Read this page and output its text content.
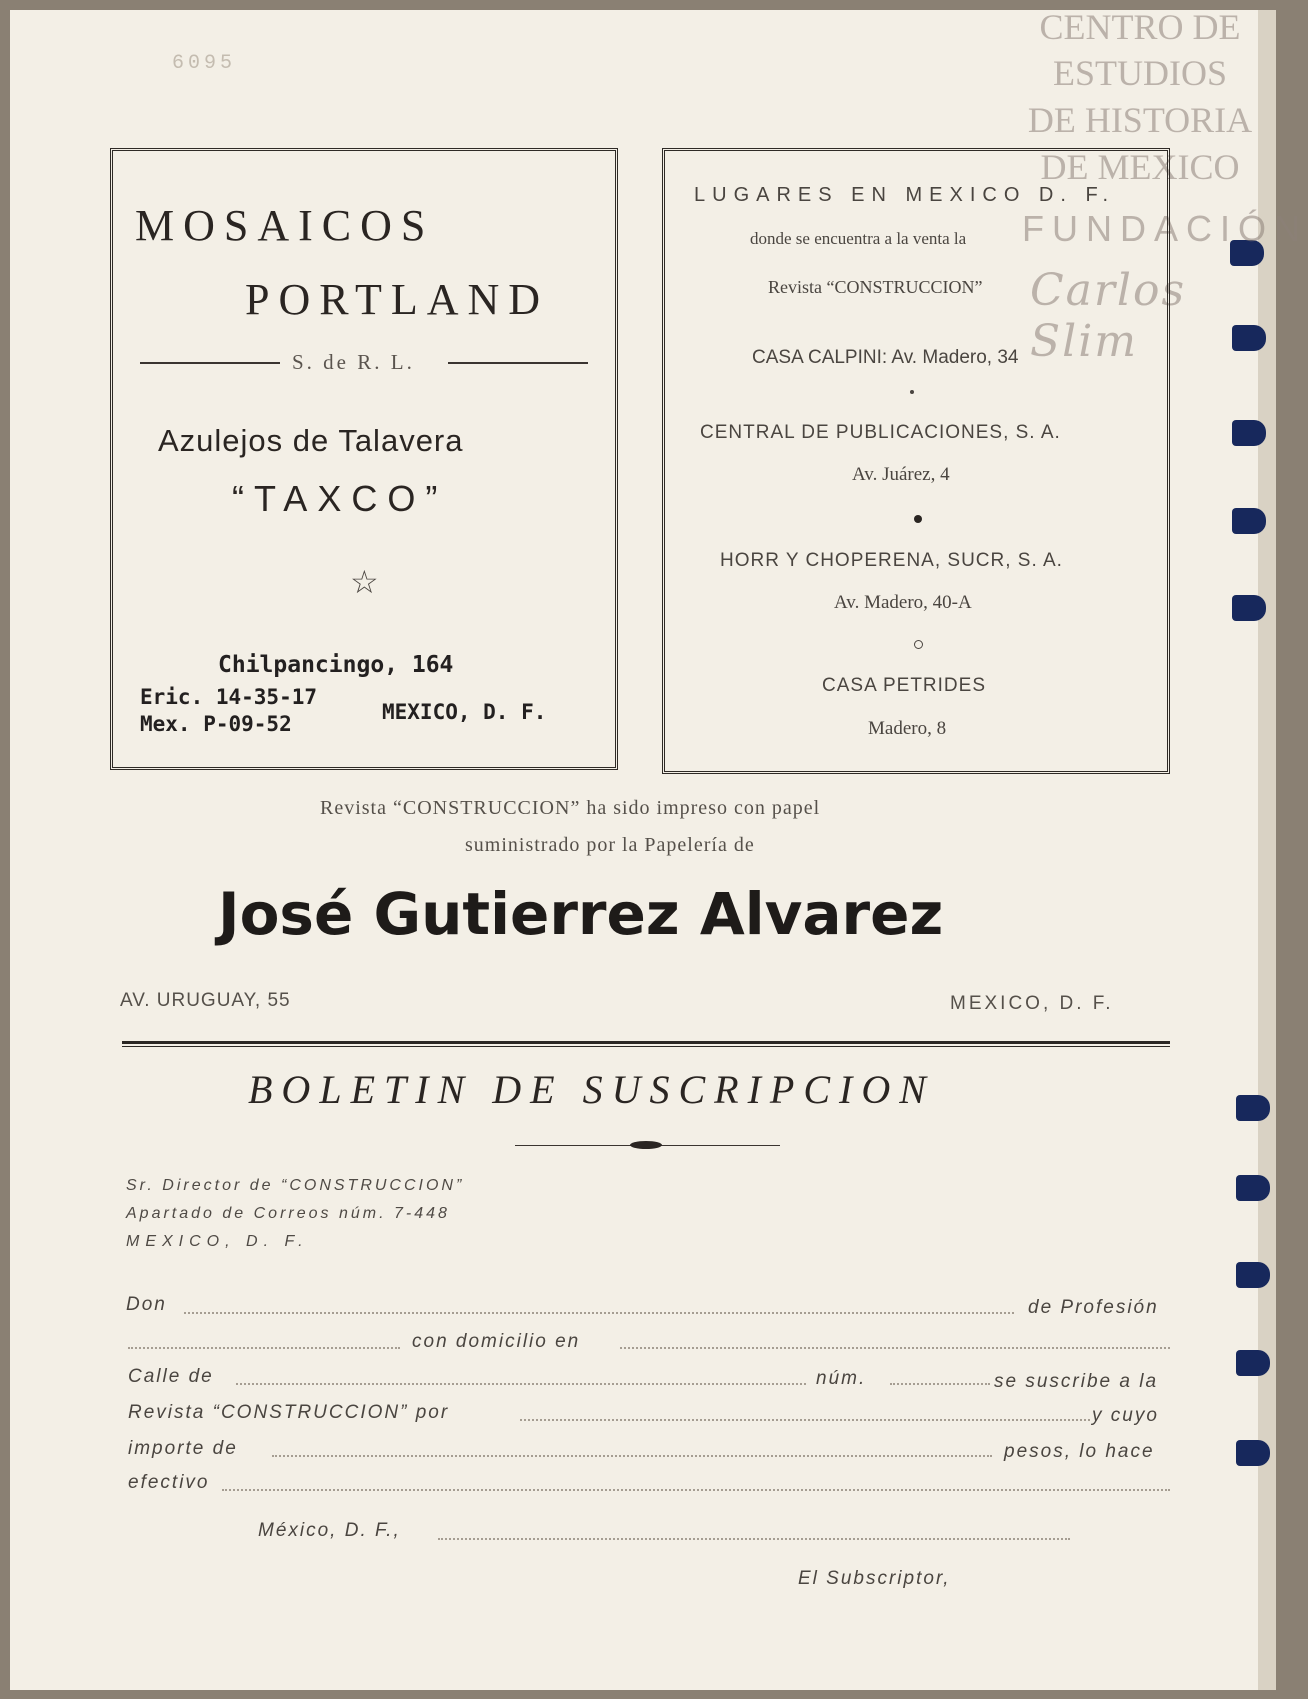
6095
CENTRO DE
ESTUDIOS
DE HISTORIA
DE MEXICO
FUNDACIÓN
Carlos Slim
MOSAICOS
PORTLAND
S. de R. L.
Azulejos de Talavera
“TAXCO”
☆
Chilpancingo, 164
Eric. 14-35-17
Mex. P-09-52	MEXICO, D. F.
LUGARES EN MEXICO D. F.
donde se encuentra a la venta la
Revista “CONSTRUCCION”
CASA CALPINI: Av. Madero, 34
CENTRAL DE PUBLICACIONES, S. A.
Av. Juárez, 4
HORR Y CHOPERENA, SUCR, S. A.
Av. Madero, 40-A
CASA PETRIDES
Madero, 8
Revista “CONSTRUCCION” ha sido impreso con papel
suministrado por la Papelería de
José Gutierrez Alvarez
AV. URUGUAY, 55	MEXICO, D. F.
BOLETIN DE SUSCRIPCION
Sr. Director de “CONSTRUCCION”
Apartado de Correos núm. 7-448
MEXICO, D. F.
Don	de Profesión
con domicilio en
Calle de	núm.	se suscribe a la
Revista “CONSTRUCCION” por	y cuyo
importe de	pesos, lo hace
efectivo
México, D. F.,
El Subscriptor,
